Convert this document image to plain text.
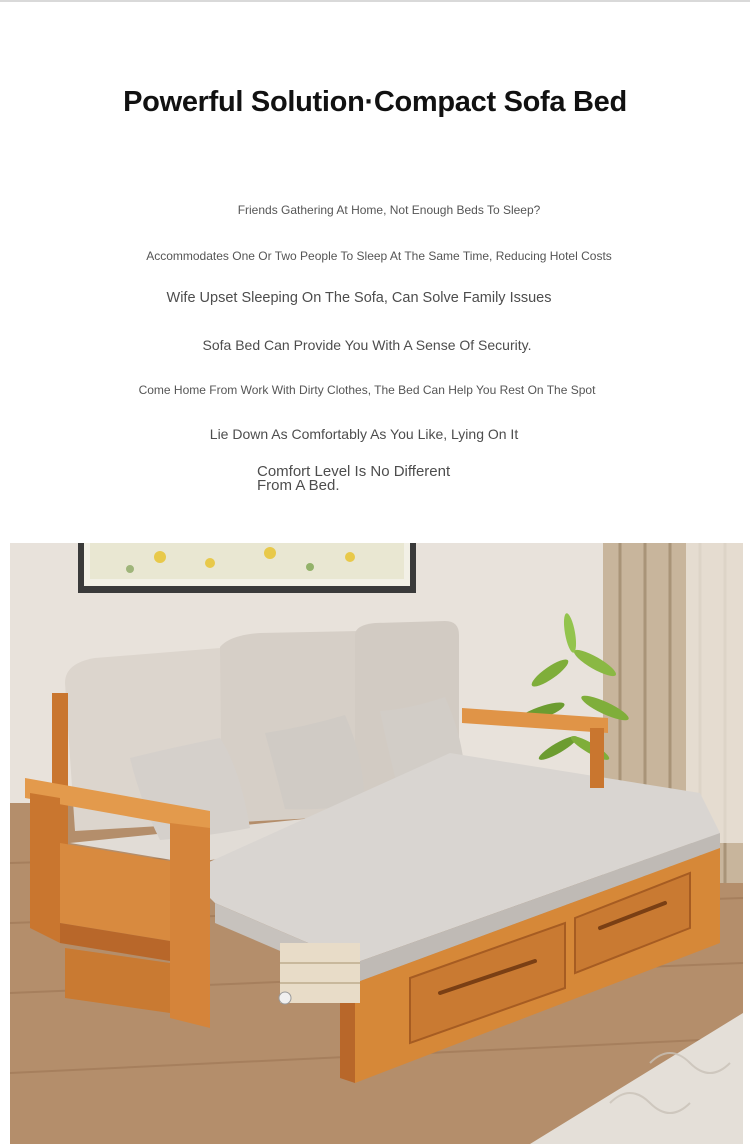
Powerful Solution·Compact Sofa Bed
Friends Gathering At Home, Not Enough Beds To Sleep?
Accommodates One Or Two People To Sleep At The Same Time, Reducing Hotel Costs
Wife Upset Sleeping On The Sofa, Can Solve Family Issues
Sofa Bed Can Provide You With A Sense Of Security.
Come Home From Work With Dirty Clothes, The Bed Can Help You Rest On The Spot
Lie Down As Comfortably As You Like, Lying On It
Comfort Level Is No Different From A Bed.
